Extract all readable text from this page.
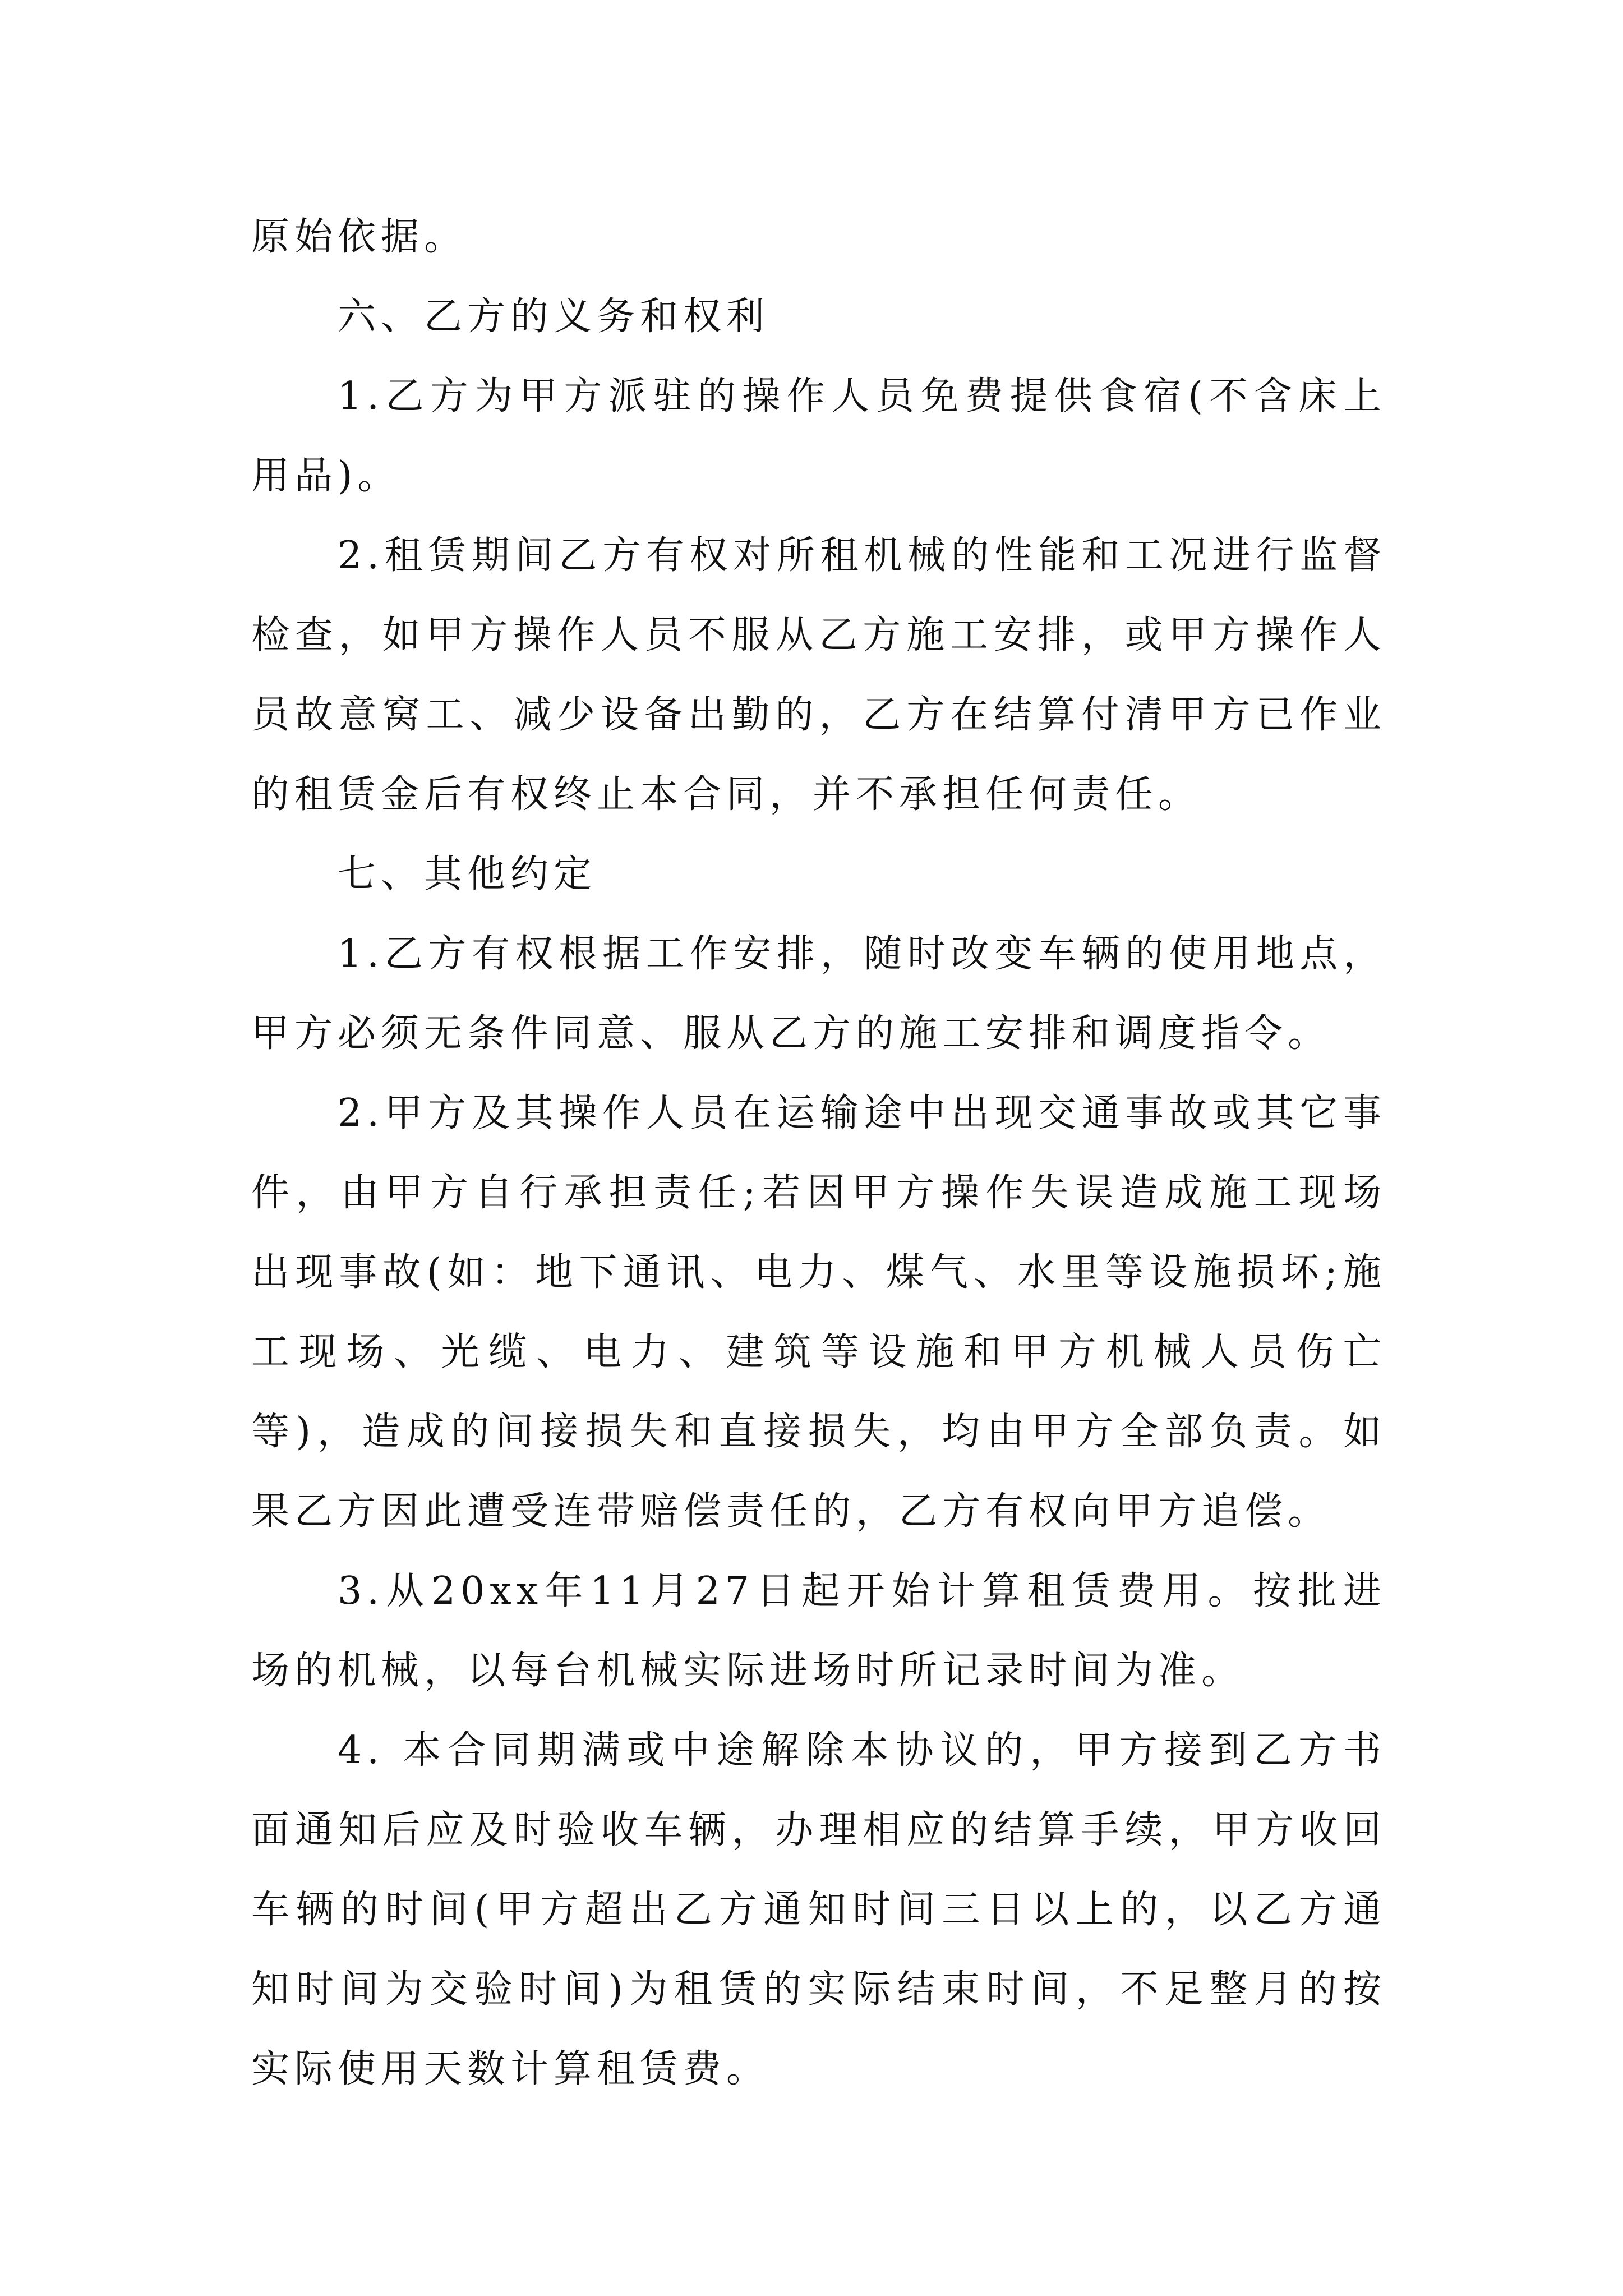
原始依据。

六、乙方的义务和权利

1.乙方为甲方派驻的操作人员免费提供食宿(不含床上用品)。

2.租赁期间乙方有权对所租机械的性能和工况进行监督检查，如甲方操作人员不服从乙方施工安排，或甲方操作人员故意窝工、减少设备出勤的，乙方在结算付清甲方已作业的租赁金后有权终止本合同，并不承担任何责任。

七、其他约定

1.乙方有权根据工作安排，随时改变车辆的使用地点，甲方必须无条件同意、服从乙方的施工安排和调度指令。

2.甲方及其操作人员在运输途中出现交通事故或其它事件，由甲方自行承担责任;若因甲方操作失误造成施工现场出现事故(如：地下通讯、电力、煤气、水里等设施损坏;施工现场、光缆、电力、建筑等设施和甲方机械人员伤亡等)，造成的间接损失和直接损失，均由甲方全部负责。如果乙方因此遭受连带赔偿责任的，乙方有权向甲方追偿。

3.从20xx年11月27日起开始计算租赁费用。按批进场的机械，以每台机械实际进场时所记录时间为准。

4. 本合同期满或中途解除本协议的，甲方接到乙方书面通知后应及时验收车辆，办理相应的结算手续，甲方收回车辆的时间(甲方超出乙方通知时间三日以上的，以乙方通知时间为交验时间)为租赁的实际结束时间，不足整月的按实际使用天数计算租赁费。
